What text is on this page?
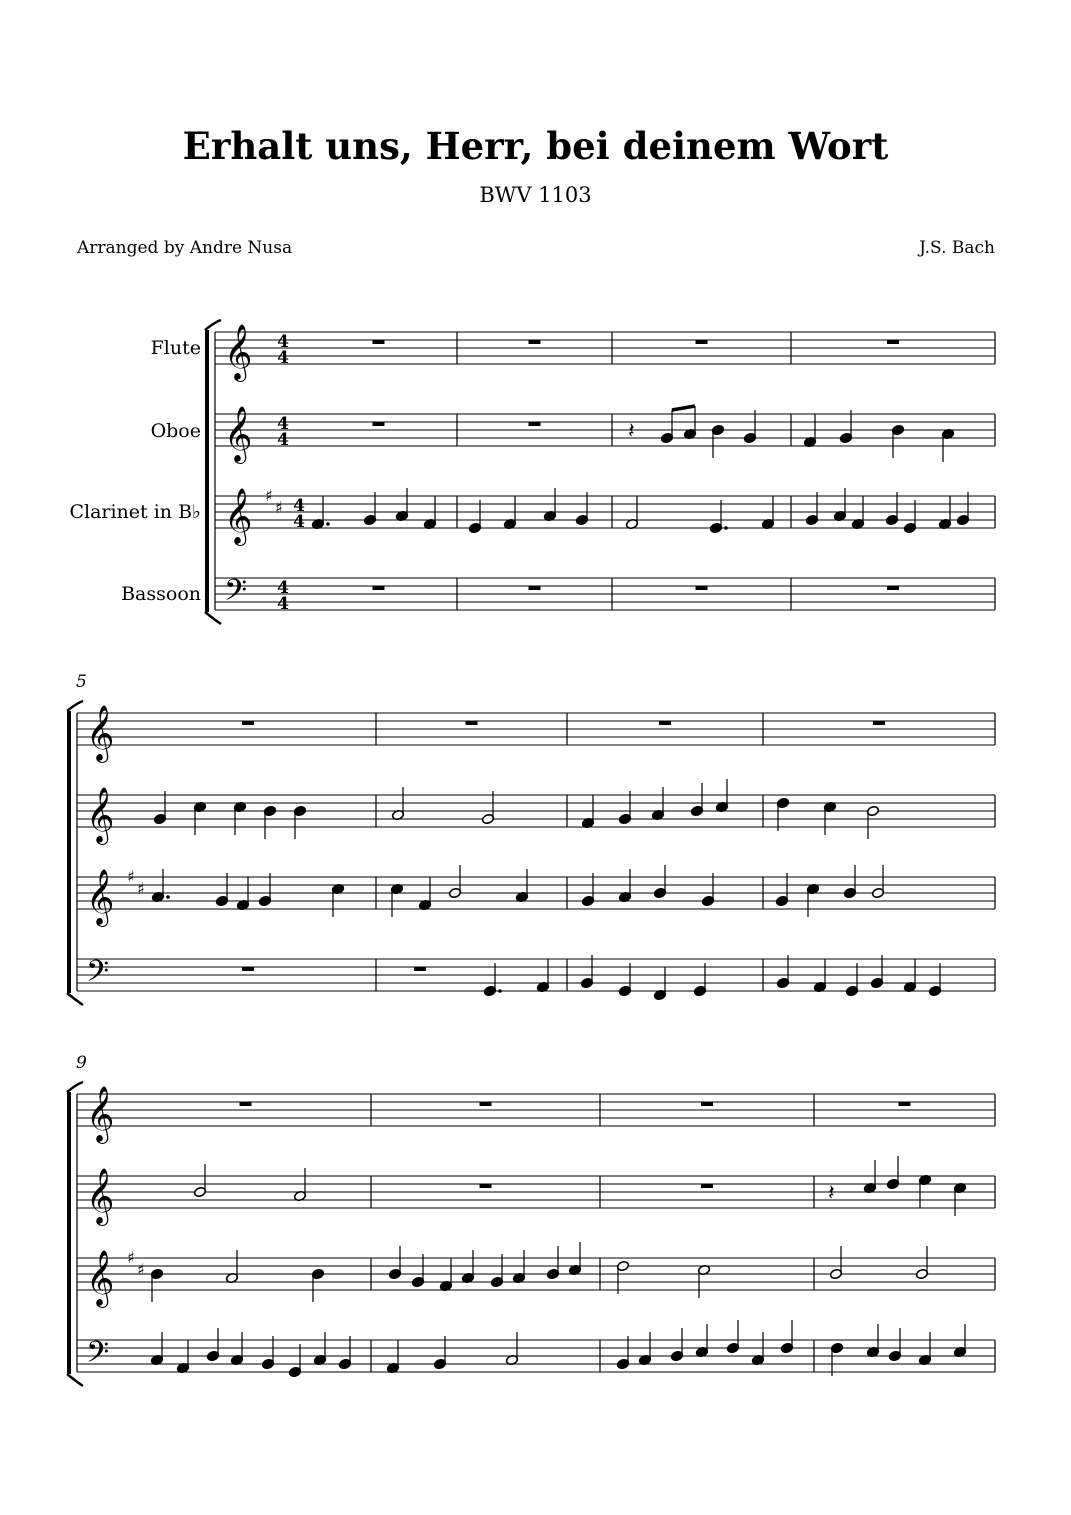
Erhalt uns, Herr, bei deinem Wort
BWV 1103
Arranged by Andre Nusa	J.S. Bach
Flute
Oboe
Clarinet in B♭
Bassoon
5
9
𝄞 4
4
𝄞 4
4
𝄞 ♯
♯ 4
4
𝄢 4
4
𝄞
𝄞
𝄞 ♯
♯
𝄢
𝄞
𝄞
𝄞 ♯
♯
𝄢
𝄽
𝄽
